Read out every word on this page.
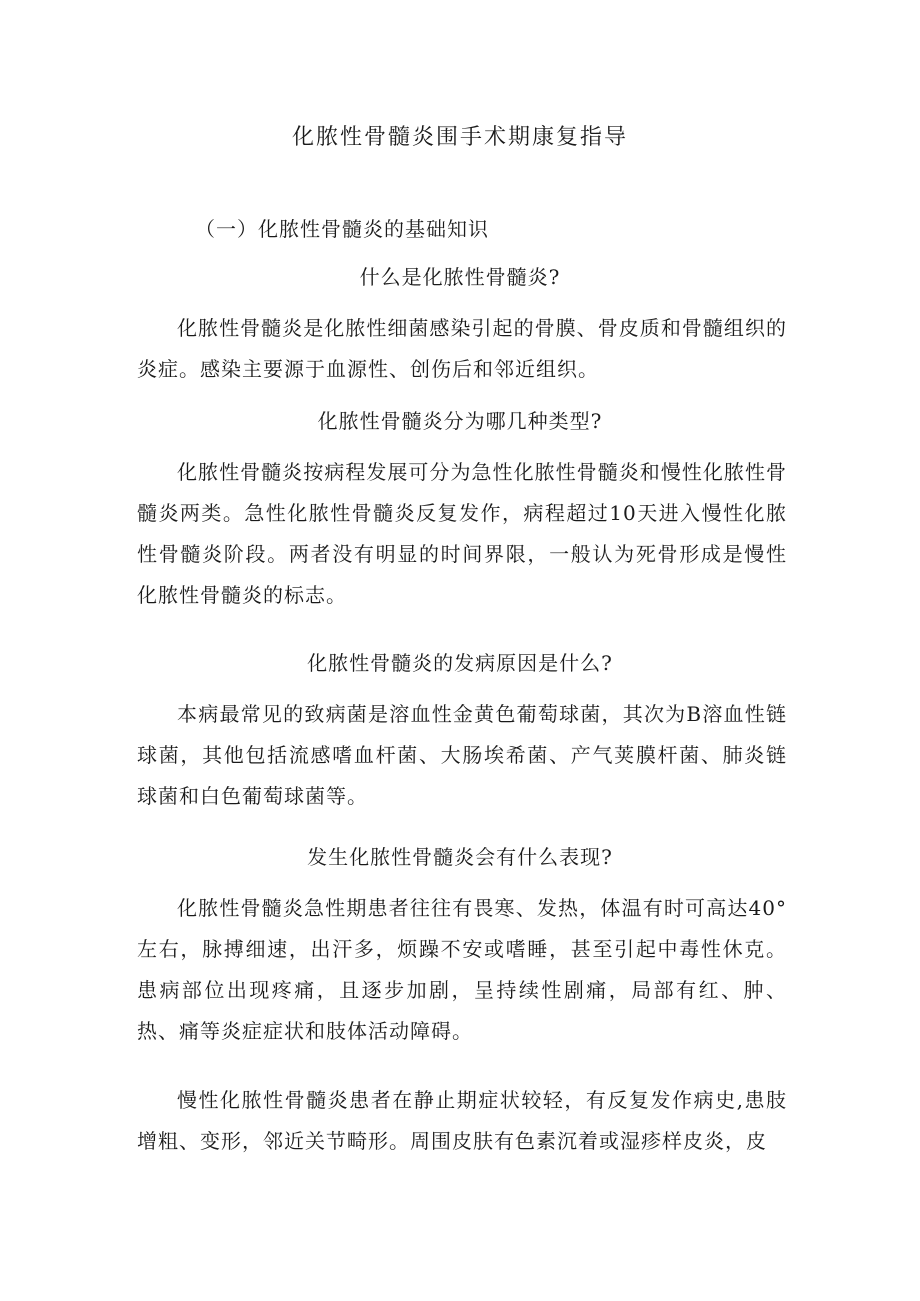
化脓性骨髓炎围手术期康复指导
（一）化脓性骨髓炎的基础知识
什么是化脓性骨髓炎?
化脓性骨髓炎是化脓性细菌感染引起的骨膜、骨皮质和骨髓组织的炎症。感染主要源于血源性、创伤后和邻近组织。
化脓性骨髓炎分为哪几种类型?
化脓性骨髓炎按病程发展可分为急性化脓性骨髓炎和慢性化脓性骨髓炎两类。急性化脓性骨髓炎反复发作，病程超过10天进入慢性化脓性骨髓炎阶段。两者没有明显的时间界限，一般认为死骨形成是慢性化脓性骨髓炎的标志。
化脓性骨髓炎的发病原因是什么?
本病最常见的致病菌是溶血性金黄色葡萄球菌，其次为B溶血性链球菌，其他包括流感嗜血杆菌、大肠埃希菌、产气荚膜杆菌、肺炎链球菌和白色葡萄球菌等。
发生化脓性骨髓炎会有什么表现?
化脓性骨髓炎急性期患者往往有畏寒、发热，体温有时可高达40°左右，脉搏细速，出汗多，烦躁不安或嗜睡，甚至引起中毒性休克。患病部位出现疼痛，且逐步加剧，呈持续性剧痛，局部有红、肿、热、痛等炎症症状和肢体活动障碍。
慢性化脓性骨髓炎患者在静止期症状较轻，有反复发作病史,患肢增粗、变形，邻近关节畸形。周围皮肤有色素沉着或湿疹样皮炎，皮
